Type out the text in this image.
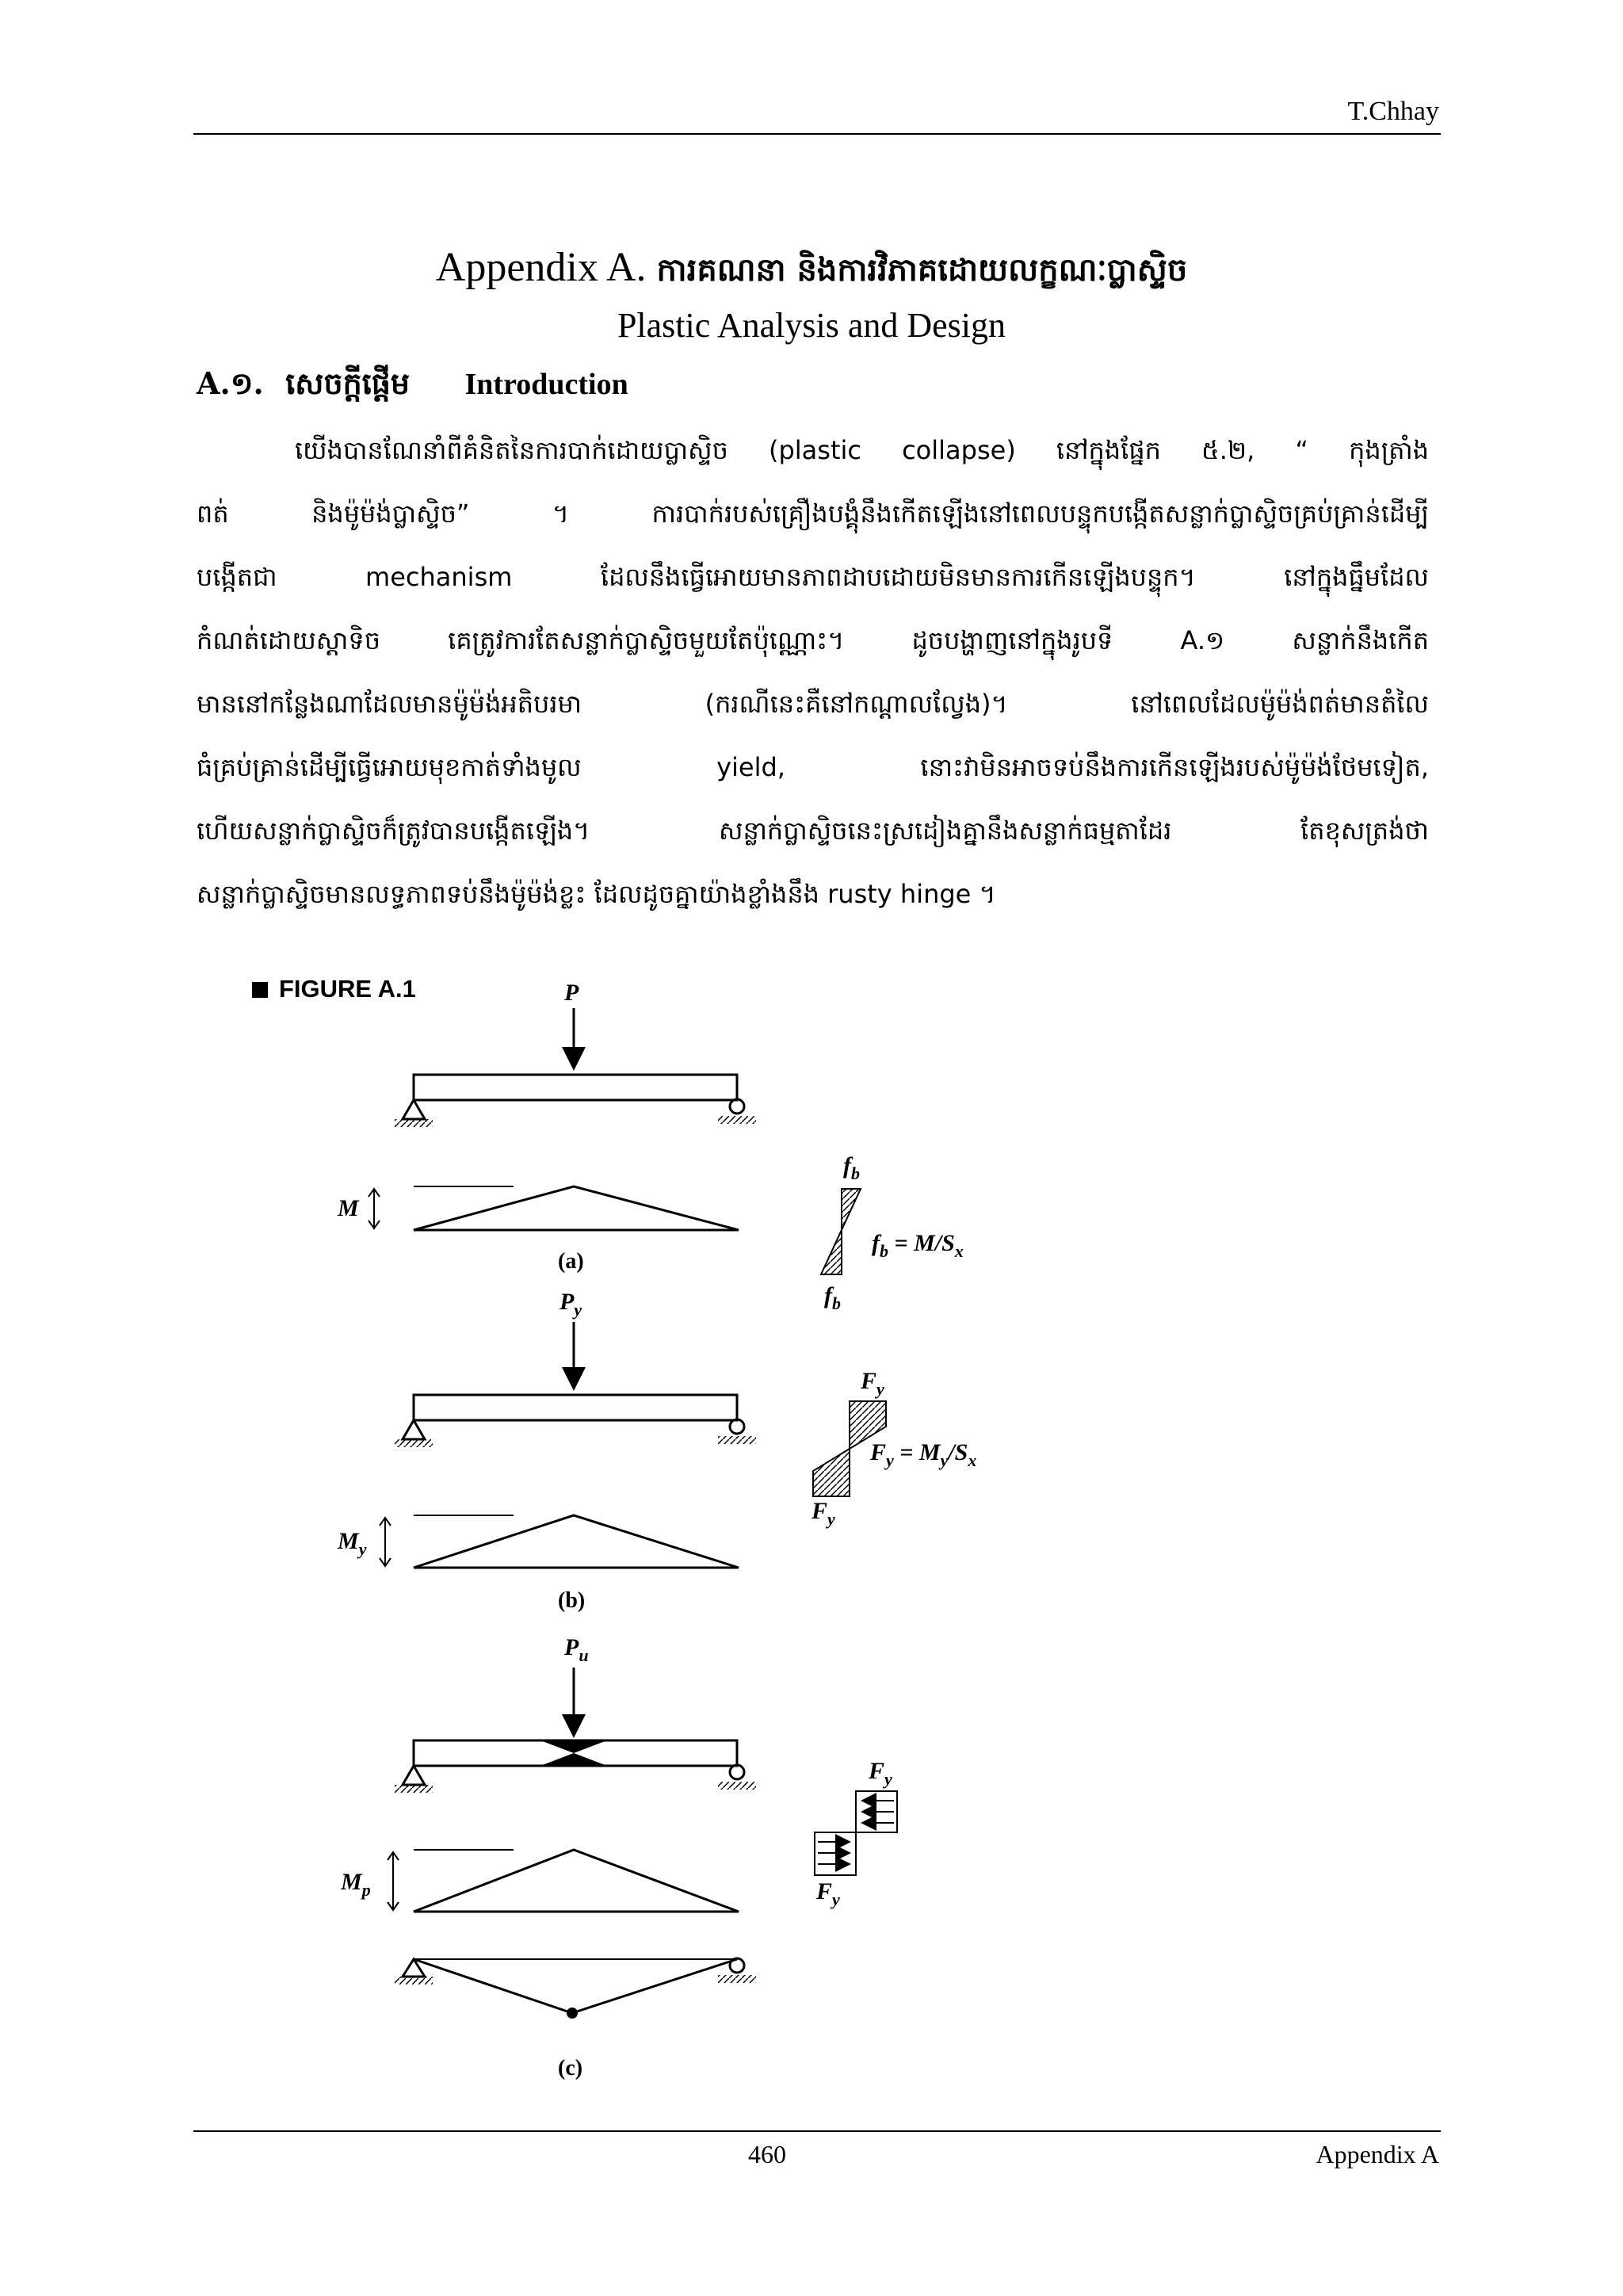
T.Chhay
Appendix A. ការគណនា និងការវិភាគដោយលក្ខណៈប្លាស្ទិច
Plastic Analysis and Design
A.១. សេចក្តីផ្តើម Introduction
យើងបានណែនាំពីគំនិតនៃការបាក់ដោយប្លាស្ទិច (plastic collapse) នៅក្នុងផ្នែក ៥.២, “ កុងត្រាំង
ពត់ និងម៉ូម៉ង់ប្លាស្ទិច” ។ ការបាក់របស់គ្រឿងបង្គុំនឹងកើតឡើងនៅពេលបន្ទុកបង្កើតសន្លាក់ប្លាស្ទិចគ្រប់គ្រាន់ដើម្បី
បង្កើតជា mechanism ដែលនឹងធ្វើអោយមានភាពដាបដោយមិនមានការកើនឡើងបន្ទុក។ នៅក្នុងធ្នឹមដែល
កំណត់ដោយស្តាទិច គេត្រូវការតែសន្លាក់ប្លាស្ទិចមួយតែប៉ុណ្ណោះ។ ដូចបង្ហាញនៅក្នុងរូបទី A.១ សន្លាក់នឹងកើត
មាននៅកន្លែងណាដែលមានម៉ូម៉ង់អតិបរមា (ករណីនេះគឺនៅកណ្តាលល្វែង)។ នៅពេលដែលម៉ូម៉ង់ពត់មានតំលៃ
ធំគ្រប់គ្រាន់ដើម្បីធ្វើអោយមុខកាត់ទាំងមូល yield, នោះវាមិនអាចទប់នឹងការកើនឡើងរបស់ម៉ូម៉ង់ថែមទៀត,
ហើយសន្លាក់ប្លាស្ទិចក៏ត្រូវបានបង្កើតឡើង។ សន្លាក់ប្លាស្ទិចនេះស្រដៀងគ្នានឹងសន្លាក់ធម្មតាដែរ តែខុសត្រង់ថា
សន្លាក់ប្លាស្ទិចមានលទ្ធភាពទប់នឹងម៉ូម៉ង់ខ្លះ ដែលដូចគ្នាយ៉ាងខ្លាំងនឹង rusty hinge ។
FIGURE A.1	P
M
(a)
$f_b$
$f_b$
$f_b = M/S_x$
$P_y$
$M_y$
(b)
$F_y$
$F_y$
$F_y = M_y/S_x$
$P_u$
$M_p$
$F_y$
$F_y$
(c)
460	Appendix A
